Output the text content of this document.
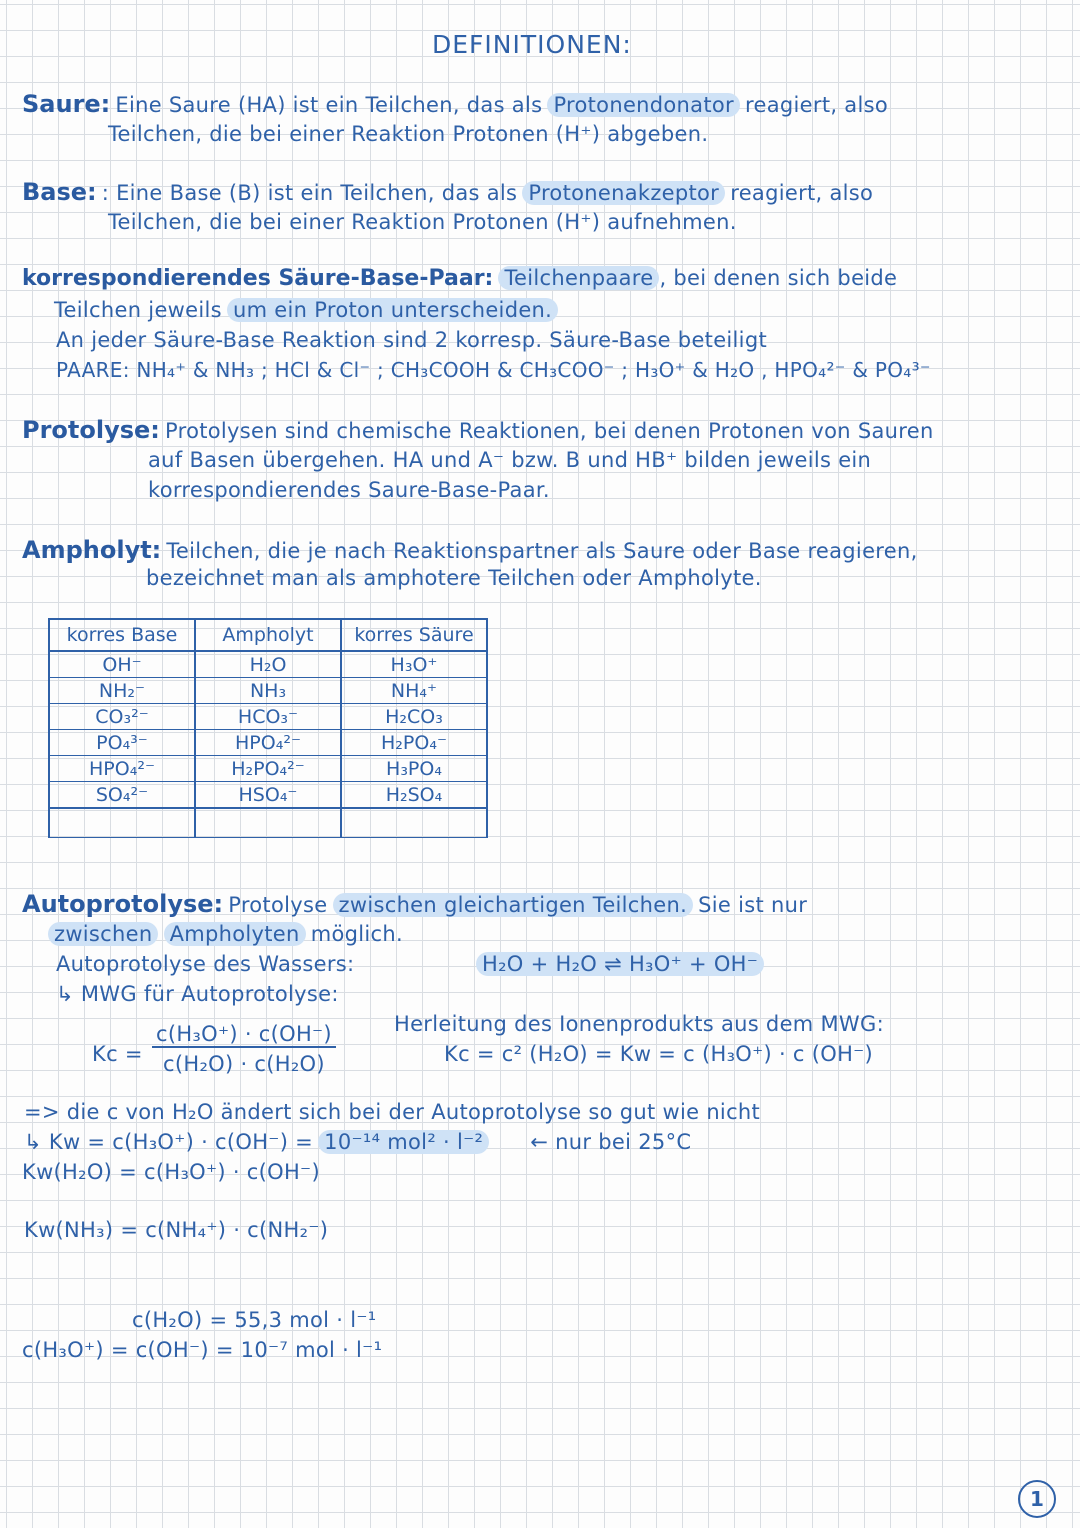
DEFINITIONEN:
Saure: Eine Saure (HA) ist ein Teilchen, das als Protonendonator reagiert, also
Teilchen, die bei einer Reaktion Protonen (H⁺) abgeben.
Base: : Eine Base (B) ist ein Teilchen, das als Protonenakzeptor reagiert, also
Teilchen, die bei einer Reaktion Protonen (H⁺) aufnehmen.
korrespondierendes Säure-Base-Paar: Teilchenpaare , bei denen sich beide
Teilchen jeweils um ein Proton unterscheiden.
An jeder Säure-Base Reaktion sind 2 korresp. Säure-Base beteiligt
PAARE: NH₄⁺ & NH₃ ; HCl & Cl⁻ ; CH₃COOH & CH₃COO⁻ ; H₃O⁺ & H₂O , HPO₄²⁻ & PO₄³⁻
Protolyse: Protolysen sind chemische Reaktionen, bei denen Protonen von Sauren
auf Basen übergehen. HA und A⁻ bzw. B und HB⁺ bilden jeweils ein
korrespondierendes Saure-Base-Paar.
Ampholyt: Teilchen, die je nach Reaktionspartner als Saure oder Base reagieren,
bezeichnet man als amphotere Teilchen oder Ampholyte.
korres Base	Ampholyt	korres Säure
OH⁻	H₂O	H₃O⁺
NH₂⁻	NH₃	NH₄⁺
CO₃²⁻	HCO₃⁻	H₂CO₃
PO₄³⁻	HPO₄²⁻	H₂PO₄⁻
HPO₄²⁻	H₂PO₄²⁻	H₃PO₄
SO₄²⁻	HSO₄⁻	H₂SO₄

Autoprotolyse: Protolyse zwischen gleichartigen Teilchen. Sie ist nur
zwischen Ampholyten möglich.
Autoprotolyse des Wassers:	H₂O + H₂O ⇌ H₃O⁺ + OH⁻
↳ MWG für Autoprotolyse:
$Kc = \frac{\text{c(H₃O⁺) · c(OH⁻)}}{\text{c(H₂O) · c(H₂O)}}$	Herleitung des Ionenprodukts aus dem MWG:
Kc = c² (H₂O) = Kw = c (H₃O⁺) · c (OH⁻)
=> die c von H₂O ändert sich bei der Autoprotolyse so gut wie nicht
↳ Kw = c(H₃O⁺) · c(OH⁻) = 10⁻¹⁴ mol² · l⁻² ← nur bei 25°C
Kw(H₂O) = c(H₃O⁺) · c(OH⁻)
Kw(NH₃) = c(NH₄⁺) · c(NH₂⁻)
c(H₂O) = 55,3 mol · l⁻¹
c(H₃O⁺) = c(OH⁻) = 10⁻⁷ mol · l⁻¹
1
